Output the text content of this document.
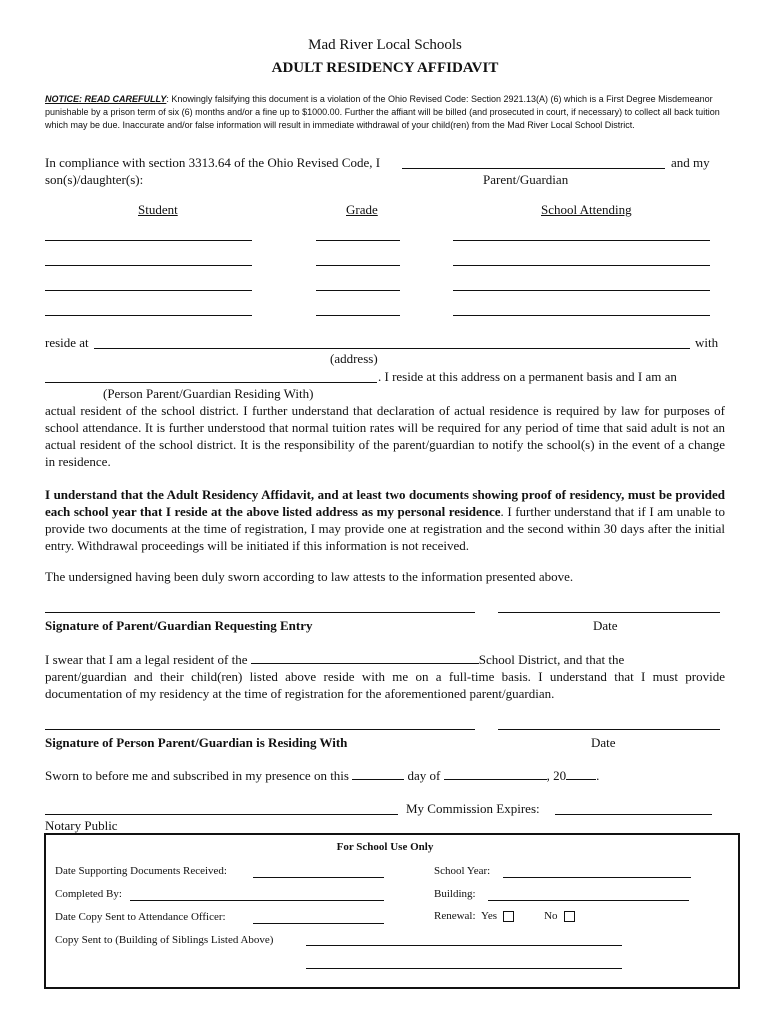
Mad River Local Schools
ADULT RESIDENCY AFFIDAVIT
NOTICE: READ CAREFULLY: Knowingly falsifying this document is a violation of the Ohio Revised Code: Section 2921.13(A) (6) which is a First Degree Misdemeanor punishable by a prison term of six (6) months and/or a fine up to $1000.00. Further the affiant will be billed (and prosecuted in court, if necessary) to collect all back tuition which may be due. Inaccurate and/or false information will result in immediate withdrawal of your child(ren) from the Mad River Local School District.
In compliance with section 3313.64 of the Ohio Revised Code, I	and my
son(s)/daughter(s):	Parent/Guardian
Student	Grade	School Attending
reside at	with
(address)
. I reside at this address on a permanent basis and I am an
(Person Parent/Guardian Residing With)
actual resident of the school district. I further understand that declaration of actual residence is required by law for purposes of school attendance. It is further understood that normal tuition rates will be required for any period of time that said adult is not an actual resident of the school district. It is the responsibility of the parent/guardian to notify the school(s) in the event of a change in residence.
I understand that the Adult Residency Affidavit, and at least two documents showing proof of residency, must be provided each school year that I reside at the above listed address as my personal residence. I further understand that if I am unable to provide two documents at the time of registration, I may provide one at registration and the second within 30 days after the initial entry. Withdrawal proceedings will be initiated if this information is not received.
The undersigned having been duly sworn according to law attests to the information presented above.
Signature of Parent/Guardian Requesting Entry	Date
I swear that I am a legal resident of the	School District, and that the
parent/guardian and their child(ren) listed above reside with me on a full-time basis. I understand that I must provide documentation of my residency at the time of registration for the aforementioned parent/guardian.
Signature of Person Parent/Guardian is Residing With	Date
Sworn to before me and subscribed in my presence on this	day of	, 20 .
My Commission Expires:
Notary Public
For School Use Only
Date Supporting Documents Received:	School Year:
Completed By:	Building:
Date Copy Sent to Attendance Officer:	Renewal: Yes	No
Copy Sent to (Building of Siblings Listed Above)
